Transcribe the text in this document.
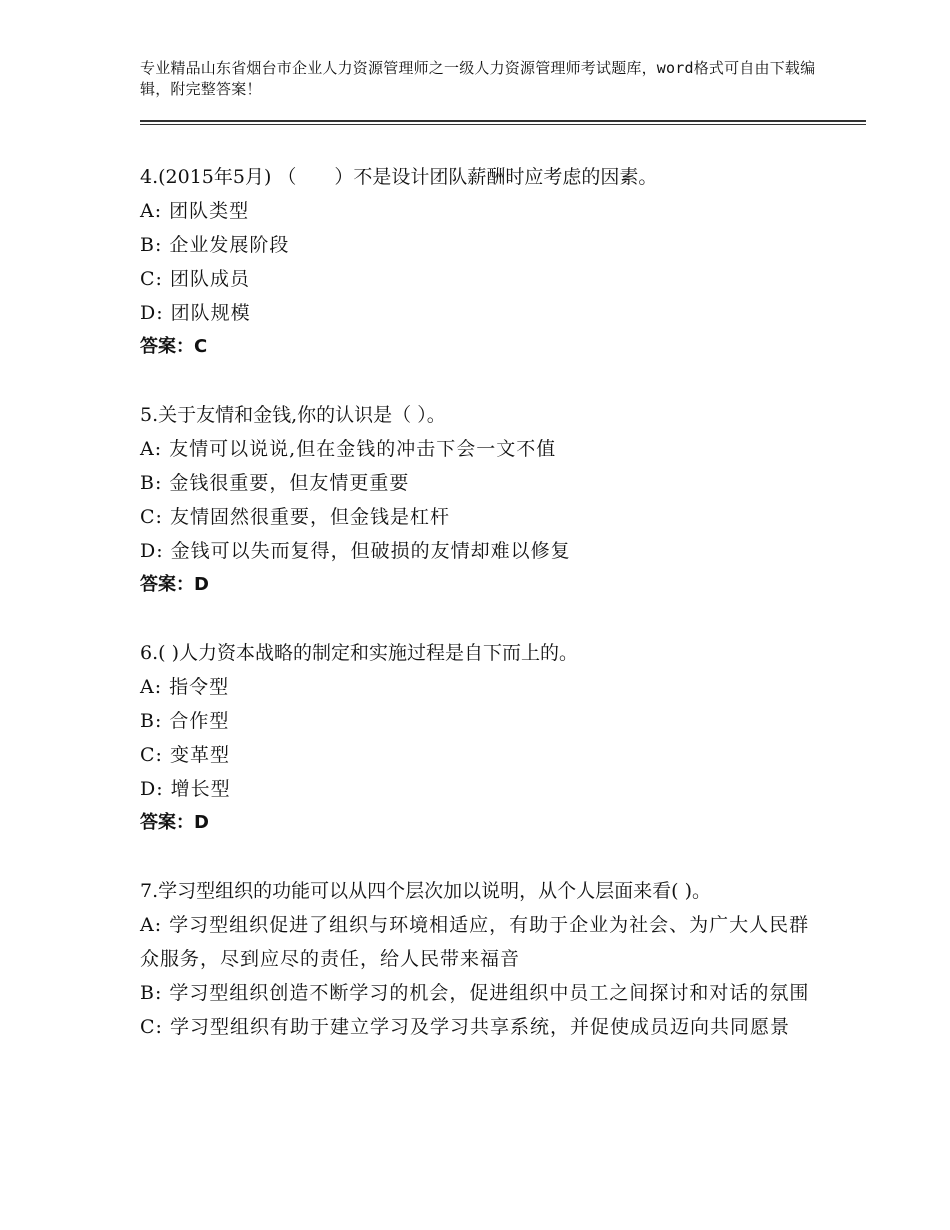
专业精品山东省烟台市企业人力资源管理师之一级人力资源管理师考试题库，word格式可自由下载编辑，附完整答案！
4.(2015年5月) （　　）不是设计团队薪酬时应考虑的因素。
A: 团队类型
B: 企业发展阶段
C: 团队成员
D: 团队规模
答案：C
5.关于友情和金钱,你的认识是（ ）。
A: 友情可以说说,但在金钱的冲击下会一文不值
B: 金钱很重要，但友情更重要
C: 友情固然很重要，但金钱是杠杆
D: 金钱可以失而复得，但破损的友情却难以修复
答案：D
6.( )人力资本战略的制定和实施过程是自下而上的。
A: 指令型
B: 合作型
C: 变革型
D: 增长型
答案：D
7.学习型组织的功能可以从四个层次加以说明，从个人层面来看( )。
A: 学习型组织促进了组织与环境相适应，有助于企业为社会、为广大人民群众服务，尽到应尽的责任，给人民带来福音
B: 学习型组织创造不断学习的机会，促进组织中员工之间探讨和对话的氛围
C: 学习型组织有助于建立学习及学习共享系统，并促使成员迈向共同愿景
